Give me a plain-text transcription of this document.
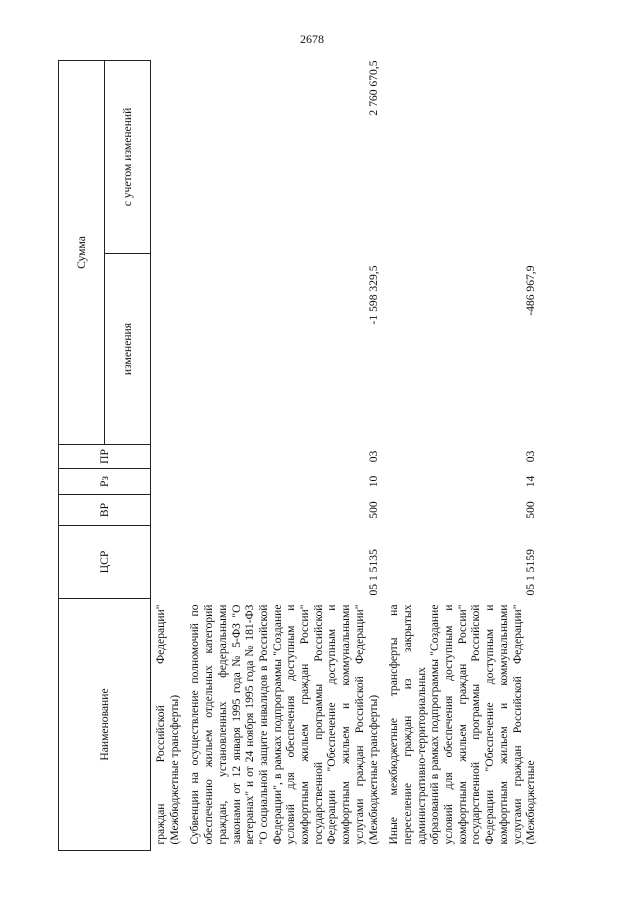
2678
Наименование	ЦСР	ВР	Рз	ПР	Сумма	
					изменения	с учетом изменений
граждан Российской Федерации" (Межбюджетные трансферты)						
Субвенции на осуществление полномочий по обеспечению жильем отдельных категорий граждан, установленных федеральными законами от 12 января 1995 года № 5-ФЗ "О ветеранах" и от 24 ноября 1995 года № 181-ФЗ "О социальной защите инвалидов в Российской Федерации", в рамках подпрограммы "Создание условий для обеспечения доступным и комфортным жильем граждан России" государственной программы Российской Федерации "Обеспечение доступным и комфортным жильем и коммунальными услугами граждан Российской Федерации" (Межбюджетные трансферты)	05 1 5135	500	10	03	-1 598 329,5	2 760 670,5
Иные межбюджетные трансферты на переселение граждан из закрытых административно-территориальных образований в рамках подпрограммы "Создание условий для обеспечения доступным и комфортным жильем граждан России" государственной программы Российской Федерации "Обеспечение доступным и комфортным жильем и коммунальными услугами граждан Российской Федерации" (Межбюджетные	05 1 5159	500	14	03	-486 967,9	
